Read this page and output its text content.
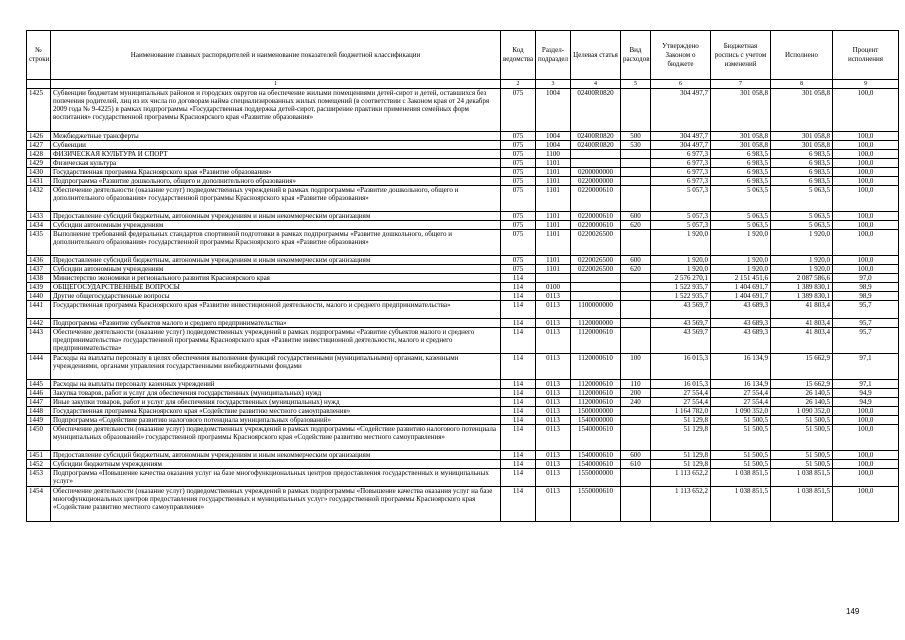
№ строки	Наименование главных распорядителей и наименование показателей бюджетной классификации	Код ведомства	Раздел-подраздел	Целевая статья	Вид расходов	Утверждено Законом о бюджете	Бюджетная роспись с учетом изменений	Исполнено	Процент исполнения
	1	2	3	4	5	6	7	8	9
1425	Субвенции бюджетам муниципальных районов и городских округов на обеспечение жилыми помещениями детей-сирот и детей, оставшихся без попечения родителей, лиц из их числа по договорам найма специализированных жилых помещений (в соответствии с Законом края от 24 декабря 2009 года № 9-4225) в рамках подпрограммы «Государственная поддержка детей-сирот, расширение практики применения семейных форм воспитания» государственной программы Красноярского края «Развитие образования»	075	1004	02400R0820		304 497,7	301 058,8	301 058,8	100,0
1426	Межбюджетные трансферты	075	1004	02400R0820	500	304 497,7	301 058,8	301 058,8	100,0
1427	Субвенции	075	1004	02400R0820	530	304 497,7	301 058,8	301 058,8	100,0
1428	ФИЗИЧЕСКАЯ КУЛЬТУРА И СПОРТ	075	1100			6 977,3	6 983,5	6 983,5	100,0
1429	Физическая культура	075	1101			6 977,3	6 983,5	6 983,5	100,0
1430	Государственная программа Красноярского края «Развитие образования»	075	1101	0200000000		6 977,3	6 983,5	6 983,5	100,0
1431	Подпрограмма «Развитие дошкольного, общего и дополнительного образования»	075	1101	0220000000		6 977,3	6 983,5	6 983,5	100,0
1432	Обеспечение деятельности (оказание услуг) подведомственных учреждений в рамках подпрограммы «Развитие дошкольного, общего и дополнительного образования» государственной программы Красноярского края «Развитие образования»	075	1101	0220000610		5 057,3	5 063,5	5 063,5	100,0
1433	Предоставление субсидий бюджетным, автономным учреждениям и иным некоммерческим организациям	075	1101	0220000610	600	5 057,3	5 063,5	5 063,5	100,0
1434	Субсидии автономным учреждениям	075	1101	0220000610	620	5 057,3	5 063,5	5 063,5	100,0
1435	Выполнение требований федеральных стандартов спортивной подготовки в рамках подпрограммы «Развитие дошкольного, общего и дополнительного образования» государственной программы Красноярского края «Развитие образования»	075	1101	0220026500		1 920,0	1 920,0	1 920,0	100,0
1436	Предоставление субсидий бюджетным, автономным учреждениям и иным некоммерческим организациям	075	1101	0220026500	600	1 920,0	1 920,0	1 920,0	100,0
1437	Субсидии автономным учреждениям	075	1101	0220026500	620	1 920,0	1 920,0	1 920,0	100,0
1438	Министерство экономики и регионального развития Красноярского края	114				2 576 270,1	2 151 451,6	2 087 586,6	97,0
1439	ОБЩЕГОСУДАРСТВЕННЫЕ ВОПРОСЫ	114	0100			1 522 935,7	1 404 691,7	1 389 830,1	98,9
1440	Другие общегосударственные вопросы	114	0113			1 522 935,7	1 404 691,7	1 389 830,1	98,9
1441	Государственная программа Красноярского края «Развитие инвестиционной деятельности, малого и среднего предпринимательства»	114	0113	1100000000		43 569,7	43 689,3	41 803,4	95,7
1442	Подпрограмма «Развитие субъектов малого и среднего предпринимательства»	114	0113	1120000000		43 569,7	43 689,3	41 803,4	95,7
1443	Обеспечение деятельности (оказание услуг) подведомственных учреждений в рамках подпрограммы «Развитие субъектов малого и среднего предпринимательства» государственной программы Красноярского края «Развитие инвестиционной деятельности, малого и среднего предпринимательства»	114	0113	1120000610		43 569,7	43 689,3	41 803,4	95,7
1444	Расходы на выплаты персоналу в целях обеспечения выполнения функций государственными (муниципальными) органами, казенными учреждениями, органами управления государственными внебюджетными фондами	114	0113	1120000610	100	16 015,3	16 134,9	15 662,9	97,1
1445	Расходы на выплаты персоналу казенных учреждений	114	0113	1120000610	110	16 015,3	16 134,9	15 662,9	97,1
1446	Закупка товаров, работ и услуг для обеспечения государственных (муниципальных) нужд	114	0113	1120000610	200	27 554,4	27 554,4	26 140,5	94,9
1447	Иные закупки товаров, работ и услуг для обеспечения государственных (муниципальных) нужд	114	0113	1120000610	240	27 554,4	27 554,4	26 140,5	94,9
1448	Государственная программа Красноярского края «Содействие развитию местного самоуправления»	114	0113	1500000000		1 164 782,0	1 090 352,0	1 090 352,0	100,0
1449	Подпрограмма «Содействие развитию налогового потенциала муниципальных образований»	114	0113	1540000000		51 129,8	51 500,5	51 500,5	100,0
1450	Обеспечение деятельности (оказание услуг) подведомственных учреждений в рамках подпрограммы «Содействие развитию налогового потенциала муниципальных образований» государственной программы Красноярского края «Содействие развитию местного самоуправления»	114	0113	1540000610		51 129,8	51 500,5	51 500,5	100,0
1451	Предоставление субсидий бюджетным, автономным учреждениям и иным некоммерческим организациям	114	0113	1540000610	600	51 129,8	51 500,5	51 500,5	100,0
1452	Субсидии бюджетным учреждениям	114	0113	1540000610	610	51 129,8	51 500,5	51 500,5	100,0
1453	Подпрограмма «Повышение качества оказания услуг на базе многофункциональных центров предоставления государственных и муниципальных услуг»	114	0113	1550000000		1 113 652,2	1 038 851,5	1 038 851,5	100,0
1454	Обеспечение деятельности (оказание услуг) подведомственных учреждений в рамках подпрограммы «Повышение качества оказания услуг на базе многофункциональных центров предоставления государственных и муниципальных услуг» государственной программы Красноярского края «Содействие развитию местного самоуправления»	114	0113	1550000610		1 113 652,2	1 038 851,5	1 038 851,5	100,0
149
